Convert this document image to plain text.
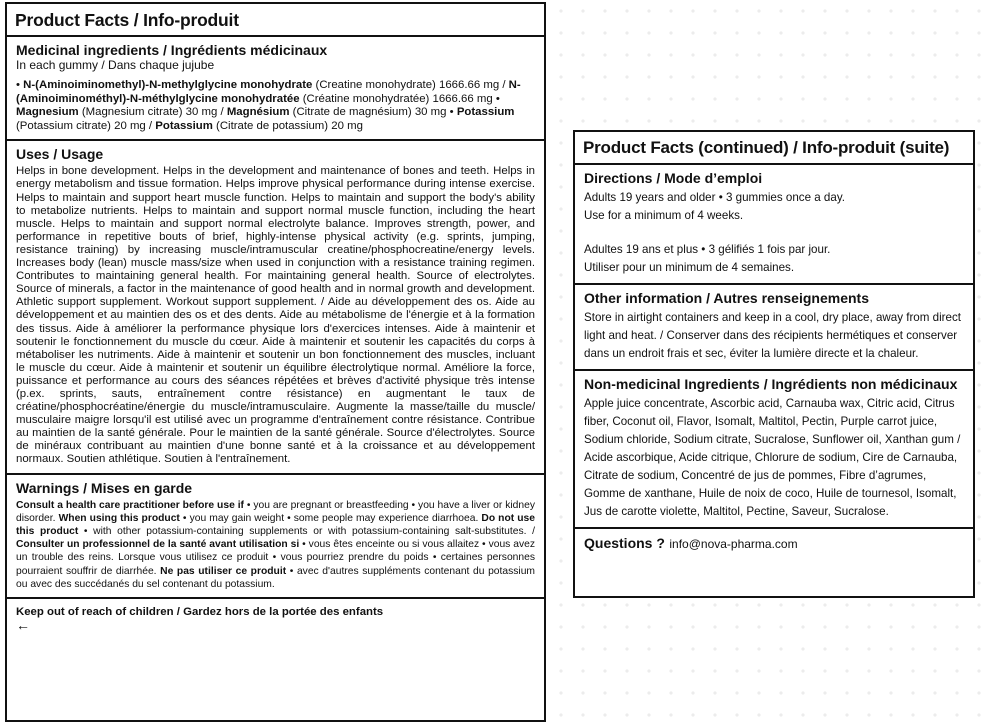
Product Facts / Info-produit
Medicinal ingredients / Ingrédients médicinaux
In each gummy / Dans chaque jujube
• N-(Aminoiminomethyl)-N-methylglycine monohydrate (Creatine monohydrate) 1666.66 mg / N-(Aminoiminométhyl)-N-méthylglycine monohydratée (Créatine monohydratée) 1666.66 mg • Magnesium (Magnesium citrate) 30 mg / Magnésium (Citrate de magnésium) 30 mg • Potassium (Potassium citrate) 20 mg / Potassium (Citrate de potassium) 20 mg
Uses / Usage
Helps in bone development. Helps in the development and maintenance of bones and teeth. Helps in energy metabolism and tissue formation. Helps improve physical performance during intense exercise. Helps to maintain and support heart muscle function. Helps to maintain and support the body's ability to metabolize nutrients. Helps to maintain and support normal muscle function, including the heart muscle. Helps to maintain and support normal electrolyte balance. Improves strength, power, and performance in repetitive bouts of brief, highly-intense physical activity (e.g. sprints, jumping, resistance training) by increasing muscle/intramuscular creatine/phosphocreatine/energy levels. Increases body (lean) muscle mass/size when used in conjunction with a resistance training regimen. Contributes to maintaining general health. For maintaining general health. Source of electrolytes. Source of minerals, a factor in the maintenance of good health and in normal growth and development. Athletic support supplement. Workout support supplement. / Aide au développement des os. Aide au développement et au maintien des os et des dents. Aide au métabolisme de l'énergie et à la formation des tissus. Aide à améliorer la performance physique lors d'exercices intenses. Aide à maintenir et soutenir le fonctionnement du muscle du cœur. Aide à maintenir et soutenir les capacités du corps à métaboliser les nutriments. Aide à maintenir et soutenir un bon fonctionnement des muscles, incluant le muscle du cœur. Aide à maintenir et soutenir un équilibre électrolytique normal. Améliore la force, puissance et performance au cours des séances répétées et brèves d'activité physique très intense (p.ex. sprints, sauts, entraînement contre résistance) en augmentant le taux de créatine/phosphocréatine/énergie du muscle/intramusculaire. Augmente la masse/taille du muscle/ musculaire maigre lorsqu'il est utilisé avec un programme d'entraînement contre résistance. Contribue au maintien de la santé générale. Pour le maintien de la santé générale. Source d'électrolytes. Source de minéraux contribuant au maintien d'une bonne santé et à la croissance et au développement normaux. Soutien athlétique. Soutien à l'entraînement.
Warnings / Mises en garde
Consult a health care practitioner before use if • you are pregnant or breastfeeding • you have a liver or kidney disorder. When using this product • you may gain weight • some people may experience diarrhoea. Do not use this product • with other potassium-containing supplements or with potassium-containing salt-substitutes. / Consulter un professionnel de la santé avant utilisation si • vous êtes enceinte ou si vous allaitez • vous avez un trouble des reins. Lorsque vous utilisez ce produit • vous pourriez prendre du poids • certaines personnes pourraient souffrir de diarrhée. Ne pas utiliser ce produit • avec d'autres suppléments contenant du potassium ou avec des succédanés du sel contenant du potassium.
Keep out of reach of children / Gardez hors de la portée des enfants
←
Product Facts (continued) / Info-produit (suite)
Directions / Mode d’emploi
Adults 19 years and older • 3 gummies once a day.
Use for a minimum of 4 weeks.
Adultes 19 ans et plus • 3 gélifiés 1 fois par jour.
Utiliser pour un minimum de 4 semaines.
Other information / Autres renseignements
Store in airtight containers and keep in a cool, dry place, away from direct light and heat. / Conserver dans des récipients hermétiques et conserver dans un endroit frais et sec, éviter la lumière directe et la chaleur.
Non-medicinal Ingredients / Ingrédients non médicinaux
Apple juice concentrate, Ascorbic acid, Carnauba wax, Citric acid, Citrus fiber, Coconut oil, Flavor, Isomalt, Maltitol, Pectin, Purple carrot juice, Sodium chloride, Sodium citrate, Sucralose, Sunflower oil, Xanthan gum / Acide ascorbique, Acide citrique, Chlorure de sodium, Cire de Carnauba, Citrate de sodium, Concentré de jus de pommes, Fibre d’agrumes, Gomme de xanthane, Huile de noix de coco, Huile de tournesol, Isomalt, Jus de carotte violette, Maltitol, Pectine, Saveur, Sucralose.
Questions ? info@nova-pharma.com
